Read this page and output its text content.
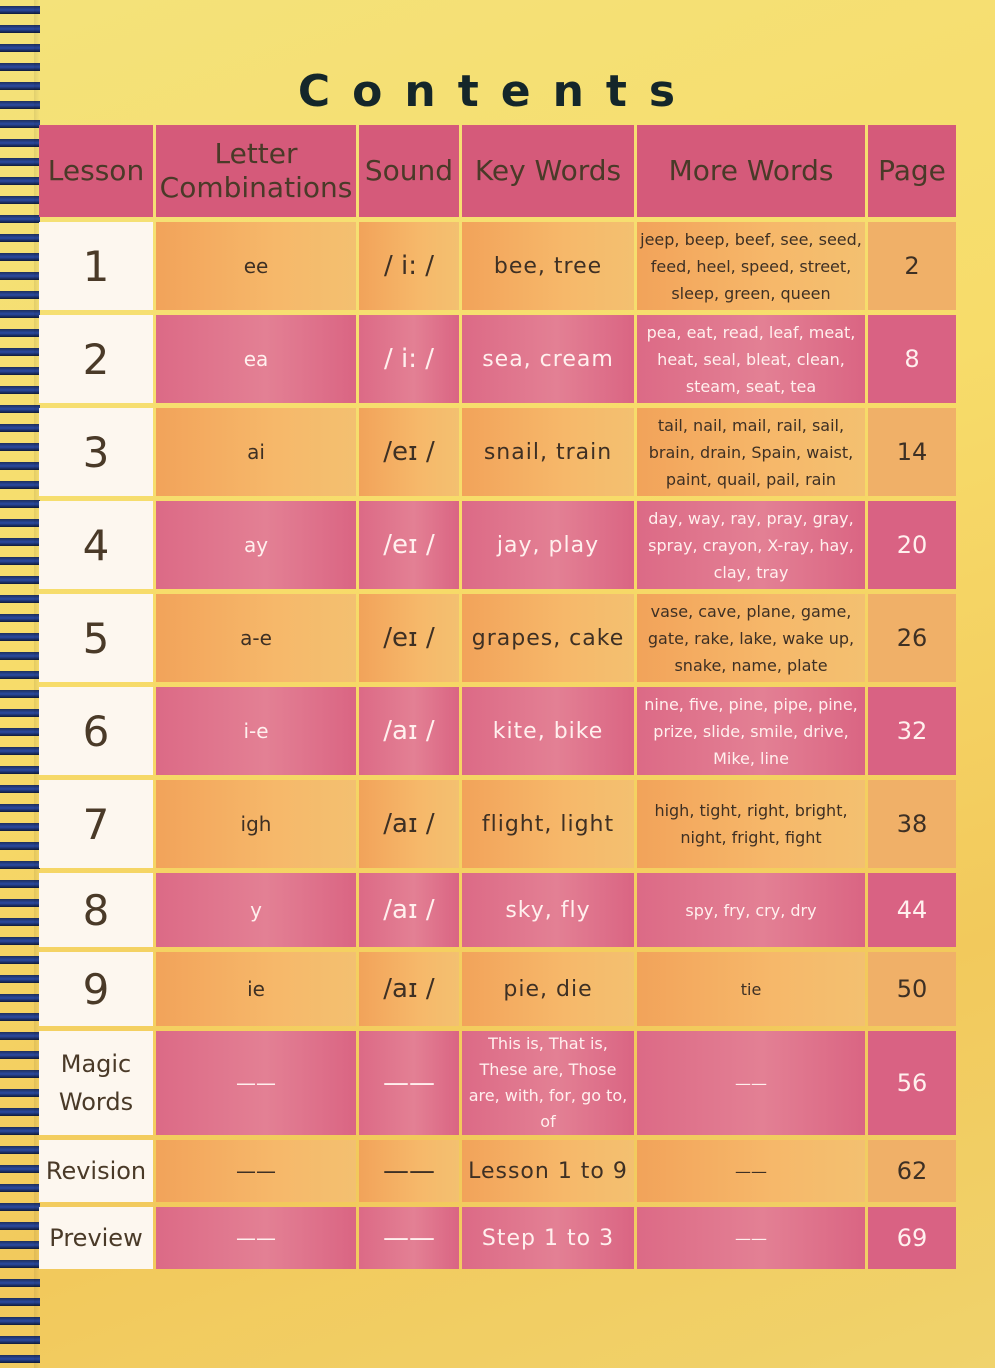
Contents
Lesson	Letter Combinations	Sound	Key Words	More Words	Page
1	ee	/ i: /	bee, tree	jeep, beep, beef, see, seed, feed, heel, speed, street, sleep, green, queen	2
2	ea	/ i: /	sea, cream	pea, eat, read, leaf, meat, heat, seal, bleat, clean, steam, seat, tea	8
3	ai	/eɪ /	snail, train	tail, nail, mail, rail, sail, brain, drain, Spain, waist, paint, quail, pail, rain	14
4	ay	/eɪ /	jay, play	day, way, ray, pray, gray, spray, crayon, X-ray, hay, clay, tray	20
5	a-e	/eɪ /	grapes, cake	vase, cave, plane, game, gate, rake, lake, wake up, snake, name, plate	26
6	i-e	/aɪ /	kite, bike	nine, five, pine, pipe, pine, prize, slide, smile, drive, Mike, line	32
7	igh	/aɪ /	flight, light	high, tight, right, bright, night, fright, fight	38
8	y	/aɪ /	sky, fly	spy, fry, cry, dry	44
9	ie	/aɪ /	pie, die	tie	50
Magic Words	——	——	This is, That is, These are, Those are, with, for, go to, of	——	56
Revision	——	——	Lesson 1 to 9	——	62
Preview	——	——	Step 1 to 3	——	69
